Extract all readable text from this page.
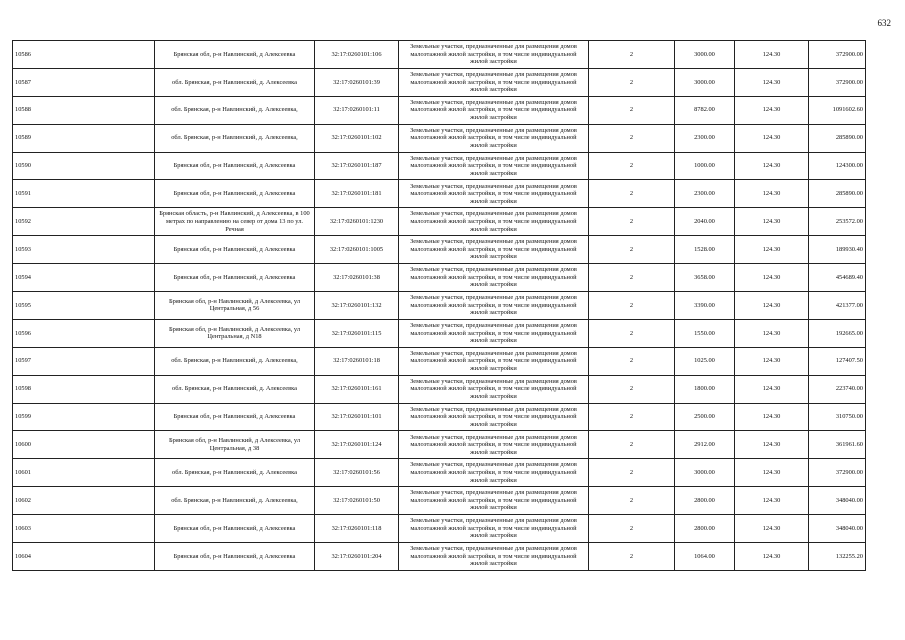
632
10586	Брянская обл, р-н Навлинский, д Алексеевка	32:17:0260101:106	Земельные участки, предназначенные для размещения домов малоэтажной жилой застройки, в том числе индивидуальной жилой застройки	2	3000.00	124.30	372900.00
10587	обл. Брянская, р-н Навлинский, д. Алексеевка	32:17:0260101:39	Земельные участки, предназначенные для размещения домов малоэтажной жилой застройки, в том числе индивидуальной жилой застройки	2	3000.00	124.30	372900.00
10588	обл. Брянская, р-н Навлинский, д. Алексеевка,	32:17:0260101:11	Земельные участки, предназначенные для размещения домов малоэтажной жилой застройки, в том числе индивидуальной жилой застройки	2	8782.00	124.30	1091602.60
10589	обл. Брянская, р-н Навлинский, д. Алексеевка,	32:17:0260101:102	Земельные участки, предназначенные для размещения домов малоэтажной жилой застройки, в том числе индивидуальной жилой застройки	2	2300.00	124.30	285890.00
10590	Брянская обл, р-н Навлинский, д Алексеевка	32:17:0260101:187	Земельные участки, предназначенные для размещения домов малоэтажной жилой застройки, в том числе индивидуальной жилой застройки	2	1000.00	124.30	124300.00
10591	Брянская обл, р-н Навлинский, д Алексеевка	32:17:0260101:181	Земельные участки, предназначенные для размещения домов малоэтажной жилой застройки, в том числе индивидуальной жилой застройки	2	2300.00	124.30	285890.00
10592	Брянская область, р-н Навлинский, д Алексеевка, в 100 метрах по направлению на север от дома 13 по ул. Речная	32:17:0260101:1230	Земельные участки, предназначенные для размещения домов малоэтажной жилой застройки, в том числе индивидуальной жилой застройки	2	2040.00	124.30	253572.00
10593	Брянская обл, р-н Навлинский, д Алексеевка	32:17:0260101:1005	Земельные участки, предназначенные для размещения домов малоэтажной жилой застройки, в том числе индивидуальной жилой застройки	2	1528.00	124.30	189930.40
10594	Брянская обл, р-н Навлинский, д Алексеевка	32:17:0260101:38	Земельные участки, предназначенные для размещения домов малоэтажной жилой застройки, в том числе индивидуальной жилой застройки	2	3658.00	124.30	454689.40
10595	Брянская обл, р-н Навлинский, д Алексеевка, ул Центральная, д 56	32:17:0260101:132	Земельные участки, предназначенные для размещения домов малоэтажной жилой застройки, в том числе индивидуальной жилой застройки	2	3390.00	124.30	421377.00
10596	Брянская обл, р-н Навлинский, д Алексеевка, ул Центральная, д N18	32:17:0260101:115	Земельные участки, предназначенные для размещения домов малоэтажной жилой застройки, в том числе индивидуальной жилой застройки	2	1550.00	124.30	192665.00
10597	обл. Брянская, р-н Навлинский, д. Алексеевка,	32:17:0260101:18	Земельные участки, предназначенные для размещения домов малоэтажной жилой застройки, в том числе индивидуальной жилой застройки	2	1025.00	124.30	127407.50
10598	обл. Брянская, р-н Навлинский, д. Алексеевка	32:17:0260101:161	Земельные участки, предназначенные для размещения домов малоэтажной жилой застройки, в том числе индивидуальной жилой застройки	2	1800.00	124.30	223740.00
10599	Брянская обл, р-н Навлинский, д Алексеевка	32:17:0260101:101	Земельные участки, предназначенные для размещения домов малоэтажной жилой застройки, в том числе индивидуальной жилой застройки	2	2500.00	124.30	310750.00
10600	Брянская обл, р-н Навлинский, д Алексеевка, ул Центральная, д 38	32:17:0260101:124	Земельные участки, предназначенные для размещения домов малоэтажной жилой застройки, в том числе индивидуальной жилой застройки	2	2912.00	124.30	361961.60
10601	обл. Брянская, р-н Навлинский, д. Алексеевка	32:17:0260101:56	Земельные участки, предназначенные для размещения домов малоэтажной жилой застройки, в том числе индивидуальной жилой застройки	2	3000.00	124.30	372900.00
10602	обл. Брянская, р-н Навлинский, д. Алексеевка,	32:17:0260101:50	Земельные участки, предназначенные для размещения домов малоэтажной жилой застройки, в том числе индивидуальной жилой застройки	2	2800.00	124.30	348040.00
10603	Брянская обл, р-н Навлинский, д Алексеевка	32:17:0260101:118	Земельные участки, предназначенные для размещения домов малоэтажной жилой застройки, в том числе индивидуальной жилой застройки	2	2800.00	124.30	348040.00
10604	Брянская обл, р-н Навлинский, д Алексеевка	32:17:0260101:204	Земельные участки, предназначенные для размещения домов малоэтажной жилой застройки, в том числе индивидуальной жилой застройки	2	1064.00	124.30	132255.20
